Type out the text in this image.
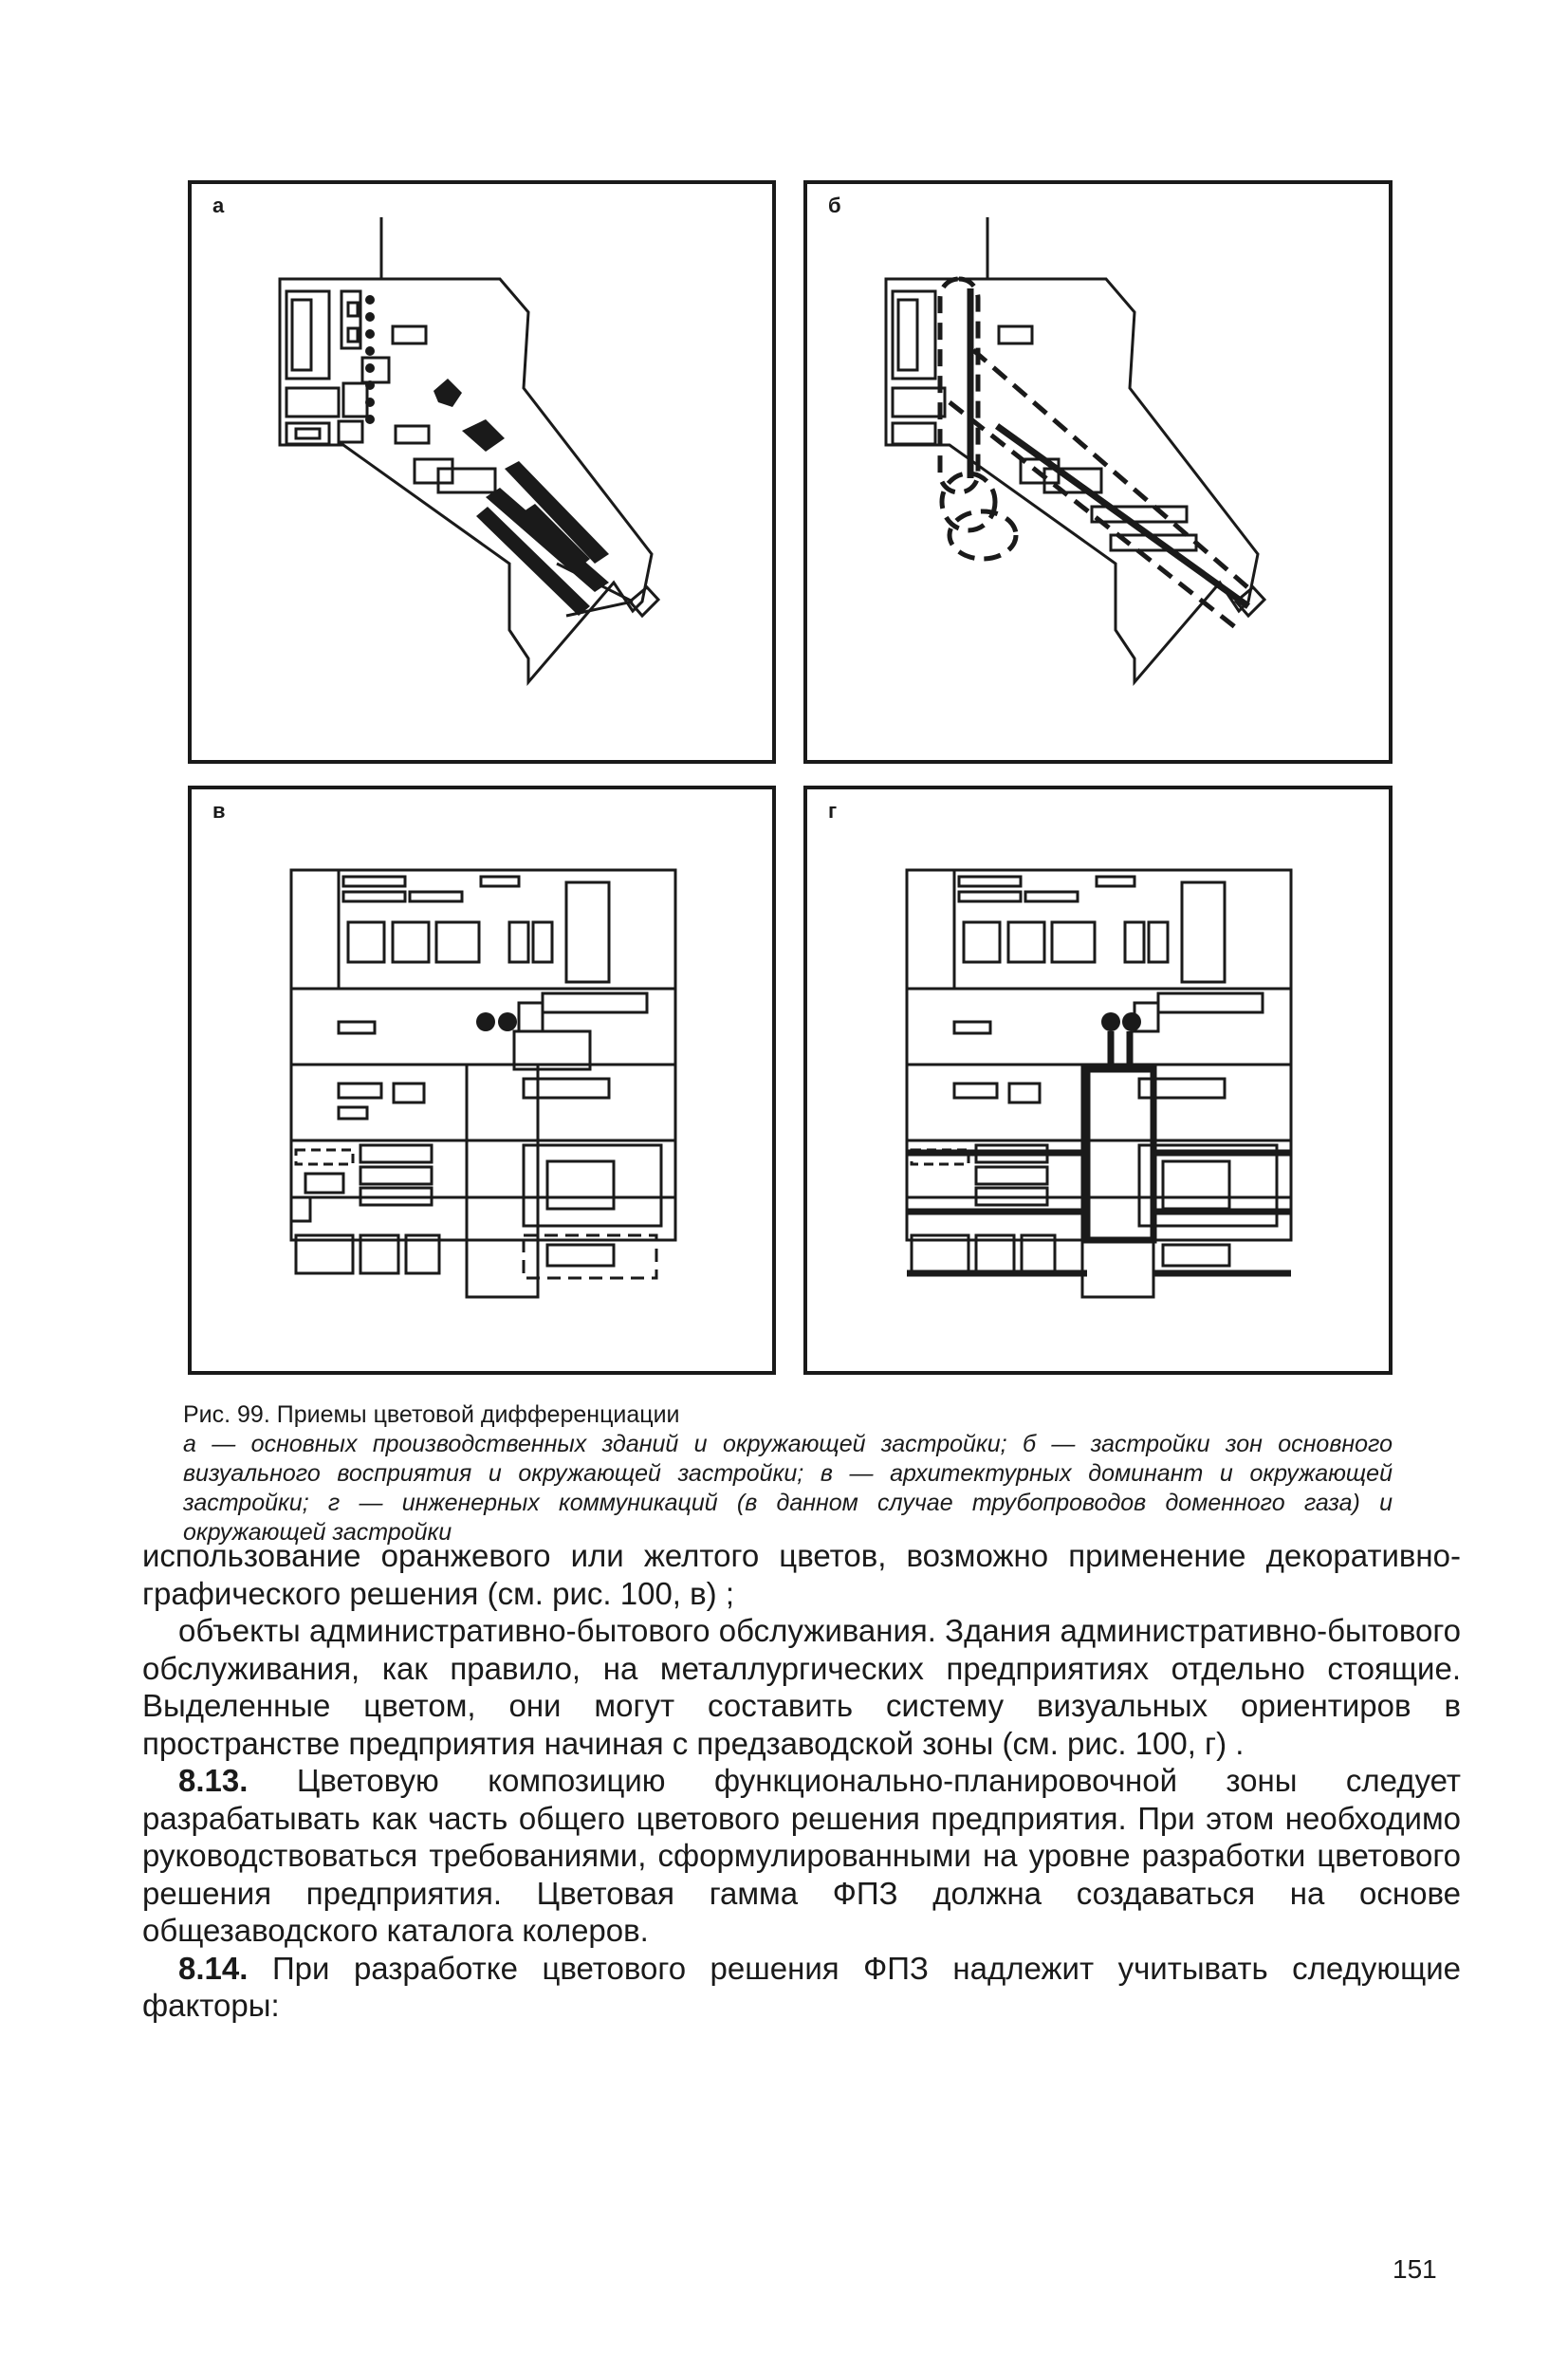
а	б
в	г
Рис. 99. Приемы цветовой дифференциации
а — основных производственных зданий и окружающей застройки; б — застройки зон основного визуального восприятия и окружающей застройки; в — архитектурных доминант и окружающей застройки; г — инженерных коммуникаций (в данном случае трубопроводов доменного газа) и окружающей застройки

использование оранжевого или желтого цветов, возможно применение декоративно-графического решения (см. рис. 100, в) ;

объекты административно-бытового обслуживания. Здания административно-бытового обслуживания, как правило, на металлургических предприятиях отдельно стоящие. Выделенные цветом, они могут составить систему визуальных ориентиров в пространстве предприятия начиная с предзаводской зоны (см. рис. 100, г) .

8.13. Цветовую композицию функционально-планировочной зоны следует разрабатывать как часть общего цветового решения предприятия. При этом необходимо руководствоваться требованиями, сформулированными на уровне разработки цветового решения предприятия. Цветовая гамма ФПЗ должна создаваться на основе общезаводского каталога колеров.

8.14. При разработке цветового решения ФПЗ надлежит учитывать следующие факторы:

151
